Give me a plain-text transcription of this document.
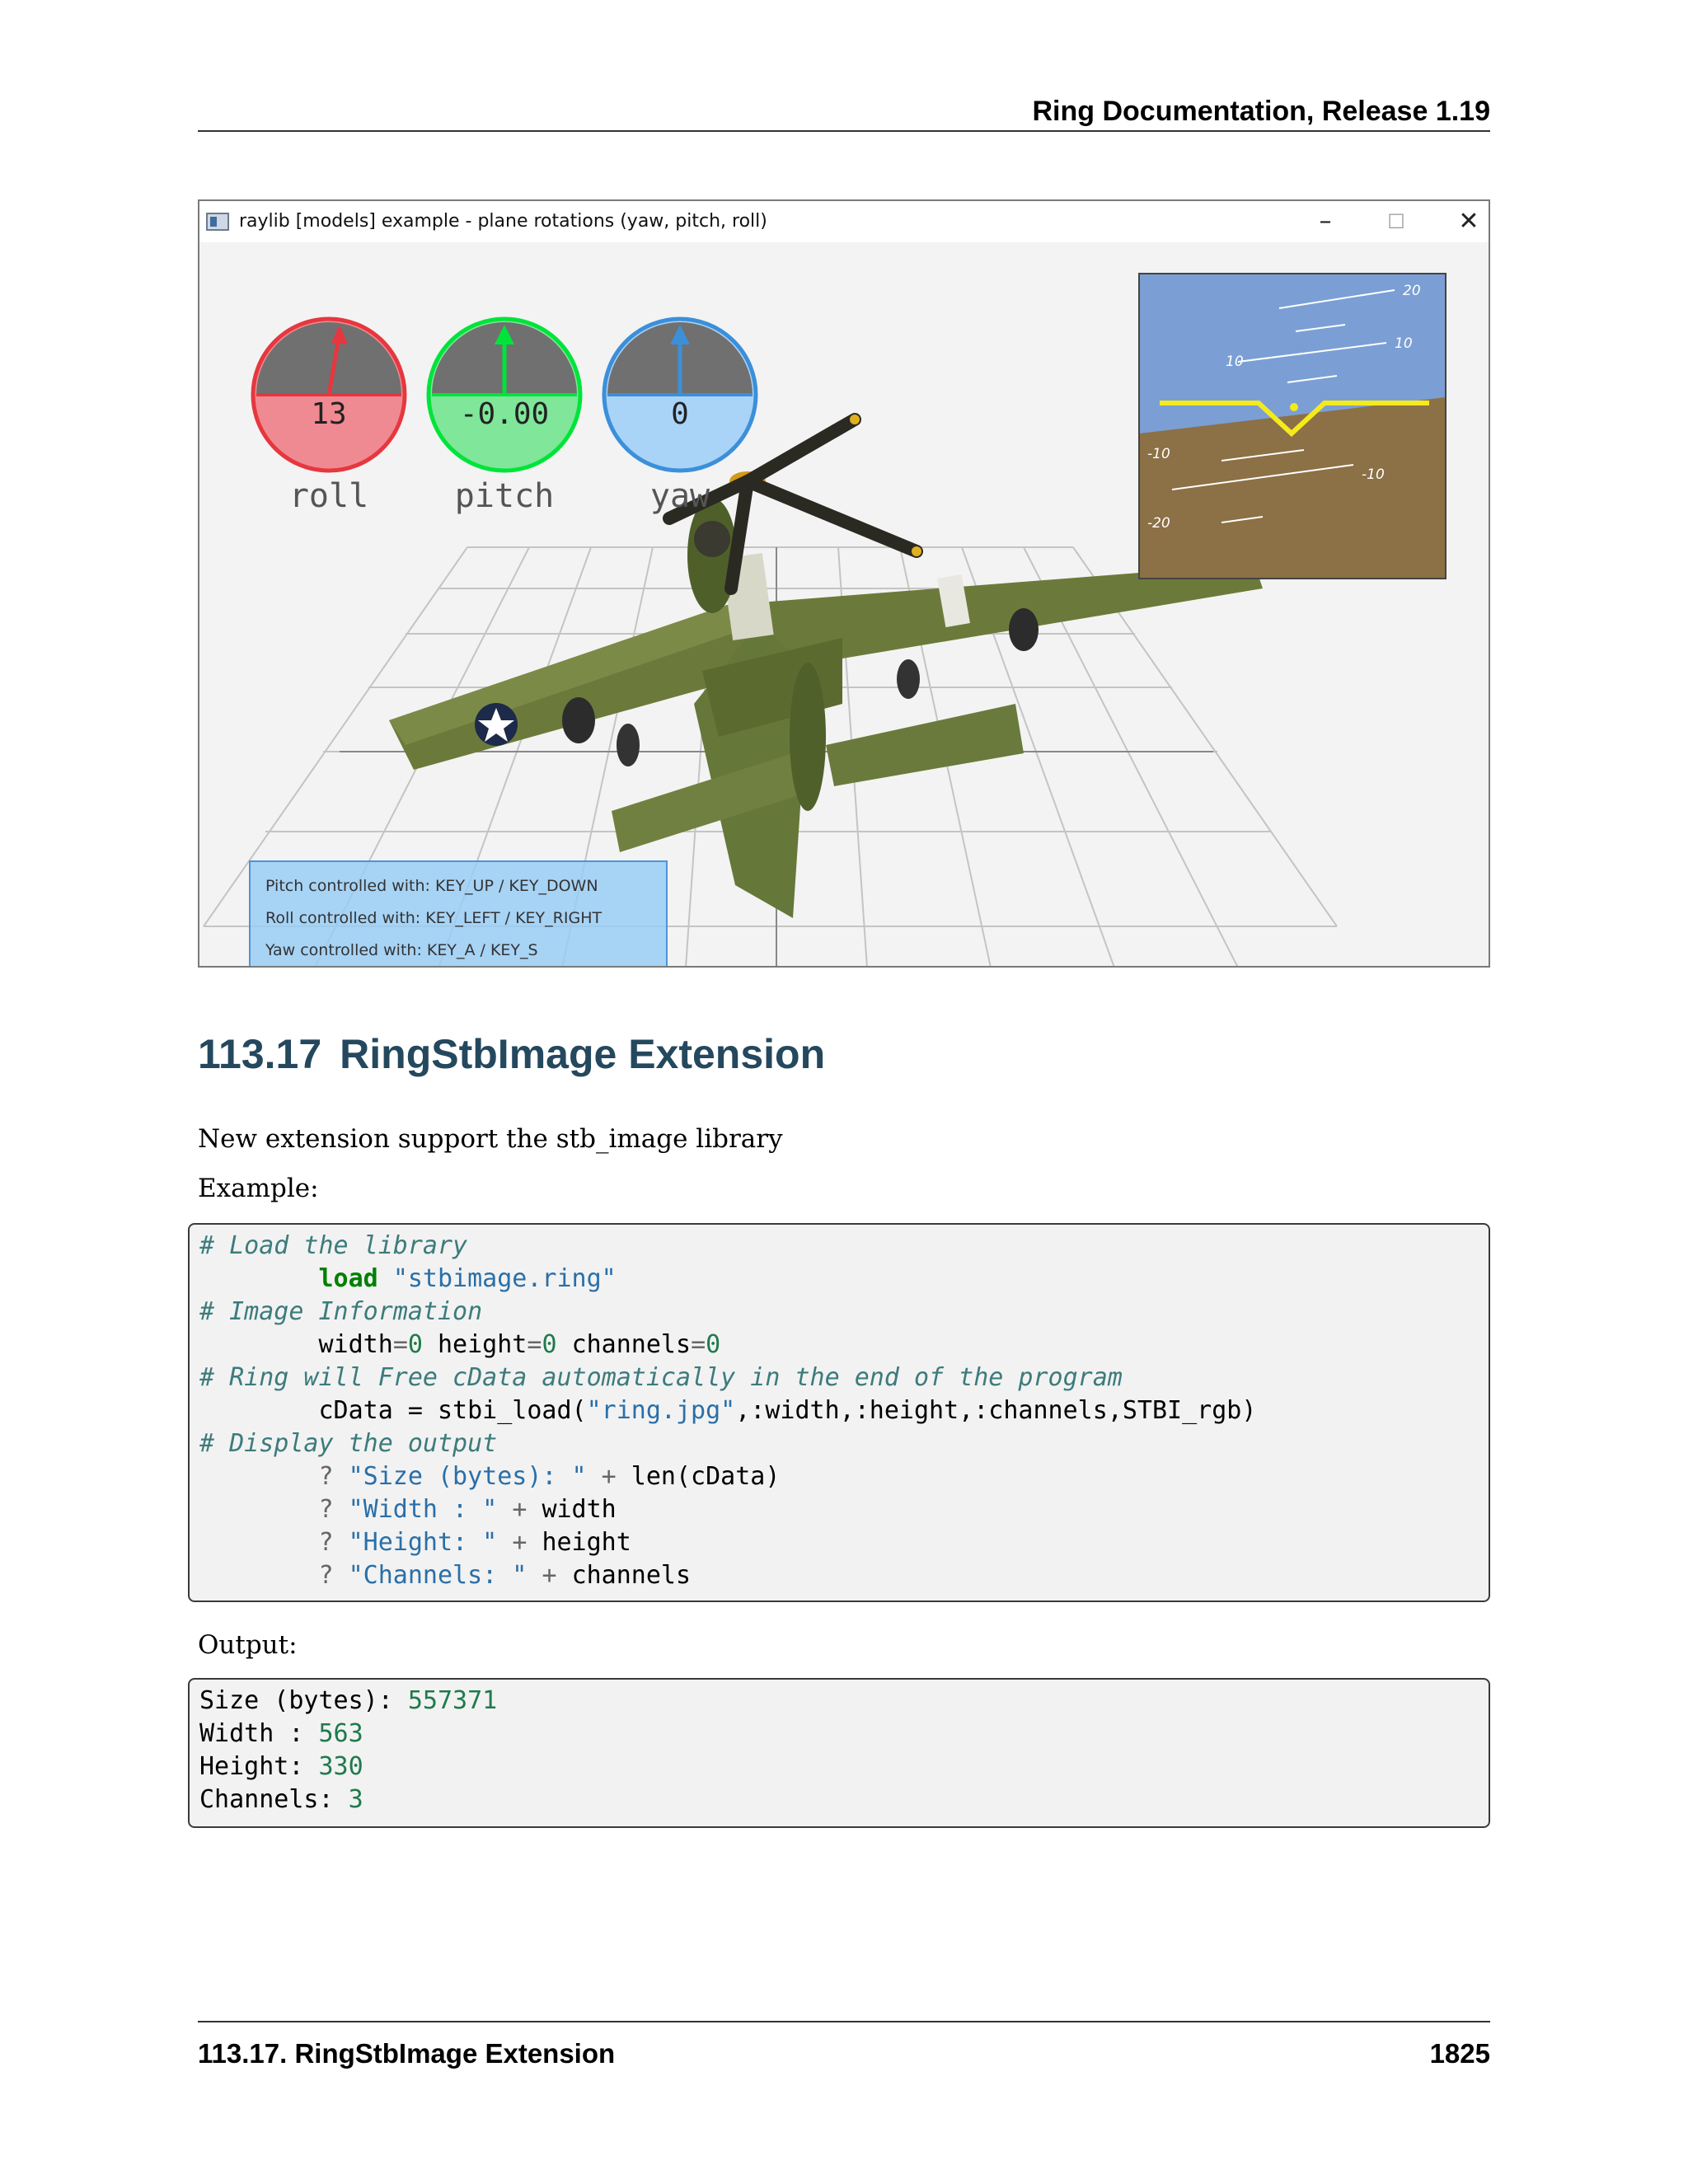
Ring Documentation, Release 1.19
raylib [models] example - plane rotations (yaw, pitch, roll)	–	☐	✕
20
10
10
-10
-10
-20
13	-0.00	0
roll	pitch	yaw
Pitch controlled with: KEY_UP / KEY_DOWN
Roll controlled with: KEY_LEFT / KEY_RIGHT
Yaw controlled with: KEY_A / KEY_S
113.17 RingStbImage Extension
New extension support the stb_image library
Example:
# Load the library
load "stbimage.ring"
# Image Information
width=0 height=0 channels=0
# Ring will Free cData automatically in the end of the program
cData = stbi_load("ring.jpg",:width,:height,:channels,STBI_rgb)
# Display the output
? "Size (bytes): " + len(cData)
? "Width : " + width
? "Height: " + height
? "Channels: " + channels
Output:
Size (bytes): 557371
Width : 563
Height: 330
Channels: 3
113.17. RingStbImage Extension	1825
